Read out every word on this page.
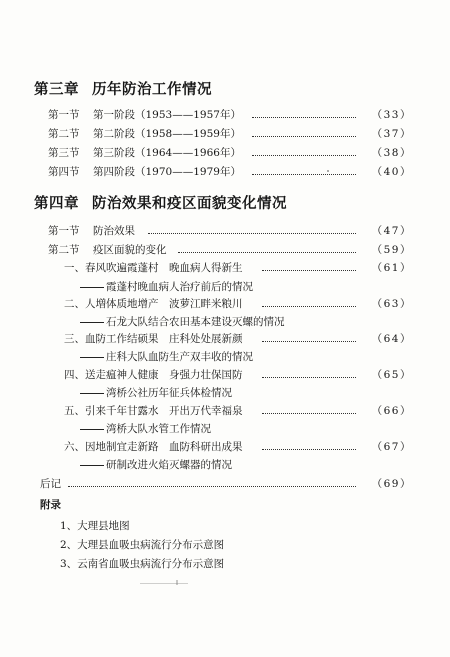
第三章 历年防治工作情况
第一节 第一阶段（1953——1957年）	（33）
第二节 第二阶段（1958——1959年）	（37）
第三节 第三阶段（1964——1966年）	（38）
第四节 第四阶段（1970——1979年）	（40）
第四章 防治效果和疫区面貌变化情况
第一节 防治效果	（47）
第二节 疫区面貌的变化	（59）
一、春风吹遍霞蓬村　晚血病人得新生	（61）
霞蓬村晚血病人治疗前后的情况
二、人増体质地增产　波萝江畔米粮川	（63）
石龙大队结合农田基本建设灭螺的情况
三、血防工作结硕果　庄科处处展新颜	（64）
庄科大队血防生产双丰收的情况
四、送走瘟神人健康　身强力壮保国防	（65）
湾桥公社历年征兵体检情况
五、引来千年甘露水　开出万代幸福泉	（66）
湾桥大队水管工作情况
六、因地制宜走新路　血防科研出成果	（67）
研制改进火焰灭螺器的情况
后记	（69）
附录
1、大理县地图
2、大理县血吸虫病流行分布示意图
3、云南省血吸虫病流行分布示意图
